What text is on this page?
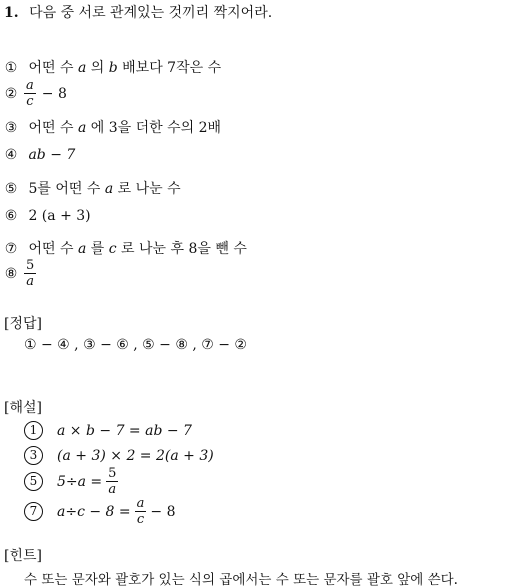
1. 다음 중 서로 관계있는 것끼리 짝지어라.
① 어떤 수 a 의 b 배보다 7작은 수
② $\frac{a}{c} - 8$
③ 어떤 수 a 에 3을 더한 수의 2배
④ ab − 7
⑤ 5를 어떤 수 a 로 나눈 수
⑥ 2 (a + 3)
⑦ 어떤 수 a 를 c 로 나눈 후 8을 뺀 수
⑧ $\frac{5}{a}$
[정답]
① − ④ , ③ − ⑥ , ⑤ − ⑧ , ⑦ − ②
[해설]
1	a × b − 7 = ab − 7
3	(a + 3) × 2 = 2(a + 3)
5	$5\div a = \frac{5}{a}$
7	$a\div c - 8 = \frac{a}{c} - 8$
[힌트]
수 또는 문자와 괄호가 있는 식의 곱에서는 수 또는 문자를 괄호 앞에 쓴다.
